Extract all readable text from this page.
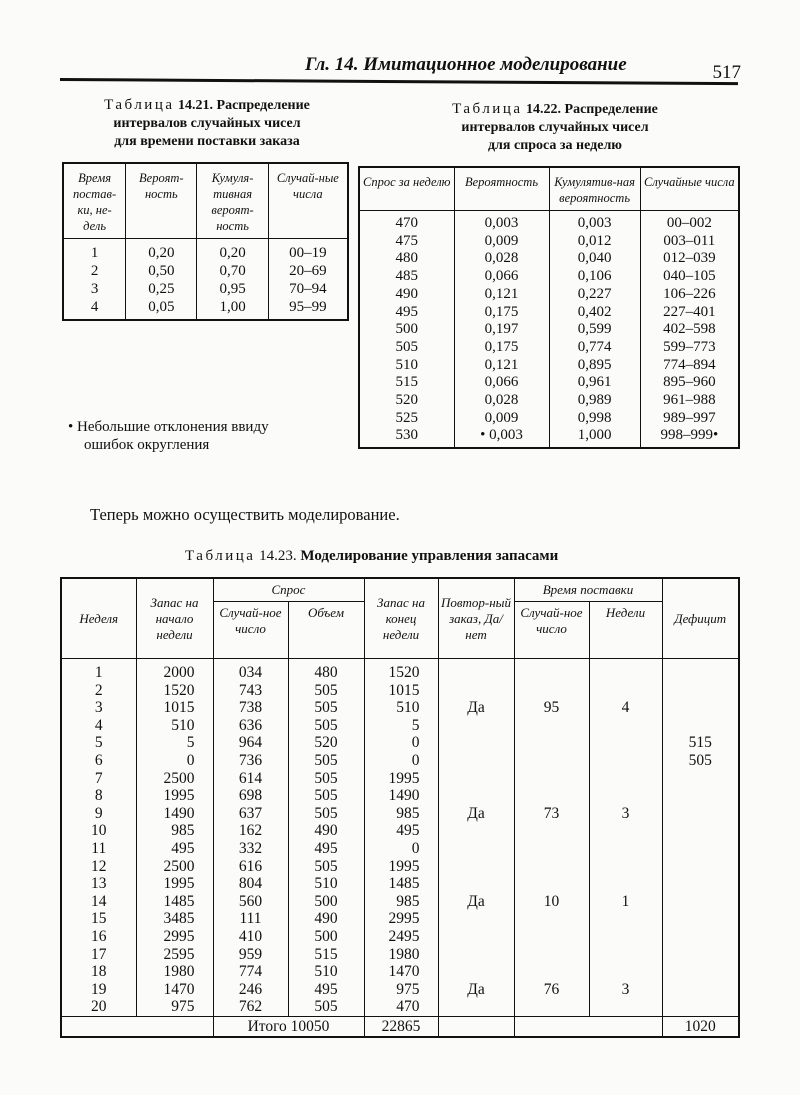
Гл. 14. Имитационное моделирование	517
Таблица 14.21. Распределение
интервалов случайных чисел
для времени поставки заказа
Время постав-ки, не-дель	Вероят-ность	Кумуля-тивная вероят-ность	Случай-ные числа
1	0,20	0,20	00–19
2	0,50	0,70	20–69
3	0,25	0,95	70–94
4	0,05	1,00	95–99
• Небольшие отклонения ввиду
ошибок округления
Таблица 14.22. Распределение
интервалов случайных чисел
для спроса за неделю
Спрос за неделю	Вероятность	Кумулятив-ная вероятность	Случайные числа
470	0,003	0,003	00–002
475	0,009	0,012	003–011
480	0,028	0,040	012–039
485	0,066	0,106	040–105
490	0,121	0,227	106–226
495	0,175	0,402	227–401
500	0,197	0,599	402–598
505	0,175	0,774	599–773
510	0,121	0,895	774–894
515	0,066	0,961	895–960
520	0,028	0,989	961–988
525	0,009	0,998	989–997
530	• 0,003	1,000	998–999•
Теперь можно осуществить моделирование.
Таблица 14.23. Моделирование управления запасами
Неделя	Запас на начало недели	Спрос		Запас на конец недели	Повтор-ный заказ, Да/нет	Время поставки		Дефицит
		Случай-ное число	Объем			Случай-ное число	Недели	
1	2000	034	480	1520				
2	1520	743	505	1015				
3	1015	738	505	510	Да	95	4	
4	510	636	505	5				
5	5	964	520	0				515
6	0	736	505	0				505
7	2500	614	505	1995				
8	1995	698	505	1490				
9	1490	637	505	985	Да	73	3	
10	985	162	490	495				
11	495	332	495	0				
12	2500	616	505	1995				
13	1995	804	510	1485				
14	1485	560	500	985	Да	10	1	
15	3485	111	490	2995				
16	2995	410	500	2495				
17	2595	959	515	1980				
18	1980	774	510	1470				
19	1470	246	495	975	Да	76	3	
20	975	762	505	470				
		Итого 10050		22865				1020
